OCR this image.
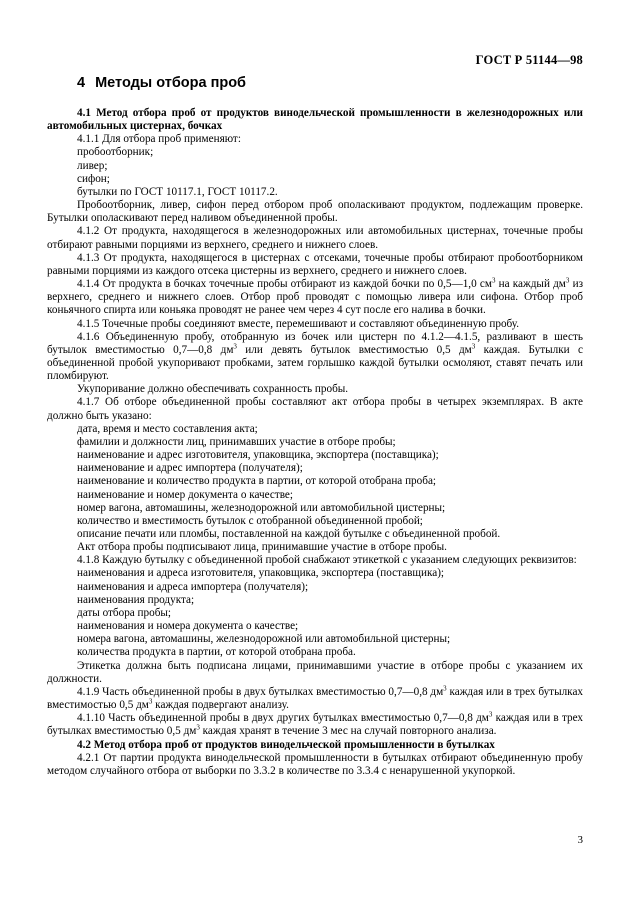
ГОСТ Р 51144—98
4 Методы отбора проб

4.1 Метод отбора проб от продуктов винодельческой промышленности в железнодорожных или автомобильных цистернах, бочках

4.1.1 Для отбора проб применяют:

пробоотборник;

ливер;

сифон;

бутылки по ГОСТ 10117.1, ГОСТ 10117.2.

Пробоотборник, ливер, сифон перед отбором проб ополаскивают продуктом, подлежащим проверке. Бутылки ополаскивают перед наливом объединенной пробы.

4.1.2 От продукта, находящегося в железнодорожных или автомобильных цистернах, точечные пробы отбирают равными порциями из верхнего, среднего и нижнего слоев.

4.1.3 От продукта, находящегося в цистернах с отсеками, точечные пробы отбирают пробоотборником равными порциями из каждого отсека цистерны из верхнего, среднего и нижнего слоев.

4.1.4 От продукта в бочках точечные пробы отбирают из каждой бочки по 0,5—1,0 $см^3$ на каждый $дм^3$ из верхнего, среднего и нижнего слоев. Отбор проб проводят с помощью ливера или сифона. Отбор проб коньячного спирта или коньяка проводят не ранее чем через 4 сут после его налива в бочки.

4.1.5 Точечные пробы соединяют вместе, перемешивают и составляют объединенную пробу.

4.1.6 Объединенную пробу, отобранную из бочек или цистерн по 4.1.2—4.1.5, разливают в шесть бутылок вместимостью 0,7—0,8 $дм^3$ или девять бутылок вместимостью 0,5 $дм^3$ каждая. Бутылки с объединенной пробой укупоривают пробками, затем горлышко каждой бутылки осмоляют, ставят печать или пломбируют.

Укупоривание должно обеспечивать сохранность пробы.

4.1.7 Об отборе объединенной пробы составляют акт отбора пробы в четырех экземплярах. В акте должно быть указано:

дата, время и место составления акта;

фамилии и должности лиц, принимавших участие в отборе пробы;

наименование и адрес изготовителя, упаковщика, экспортера (поставщика);

наименование и адрес импортера (получателя);

наименование и количество продукта в партии, от которой отобрана проба;

наименование и номер документа о качестве;

номер вагона, автомашины, железнодорожной или автомобильной цистерны;

количество и вместимость бутылок с отобранной объединенной пробой;

описание печати или пломбы, поставленной на каждой бутылке с объединенной пробой.

Акт отбора пробы подписывают лица, принимавшие участие в отборе пробы.

4.1.8 Каждую бутылку с объединенной пробой снабжают этикеткой с указанием следующих реквизитов:

наименования и адреса изготовителя, упаковщика, экспортера (поставщика);

наименования и адреса импортера (получателя);

наименования продукта;

даты отбора пробы;

наименования и номера документа о качестве;

номера вагона, автомашины, железнодорожной или автомобильной цистерны;

количества продукта в партии, от которой отобрана проба.

Этикетка должна быть подписана лицами, принимавшими участие в отборе пробы с указанием их должности.

4.1.9 Часть объединенной пробы в двух бутылках вместимостью 0,7—0,8 $дм^3$ каждая или в трех бутылках вместимостью 0,5 $дм^3$ каждая подвергают анализу.

4.1.10 Часть объединенной пробы в двух других бутылках вместимостью 0,7—0,8 $дм^3$ каждая или в трех бутылках вместимостью 0,5 $дм^3$ каждая хранят в течение 3 мес на случай повторного анализа.

4.2 Метод отбора проб от продуктов винодельческой промышленности в бутылках

4.2.1 От партии продукта винодельческой промышленности в бутылках отбирают объединенную пробу методом случайного отбора от выборки по 3.3.2 в количестве по 3.3.4 с ненарушенной укупоркой.

3
